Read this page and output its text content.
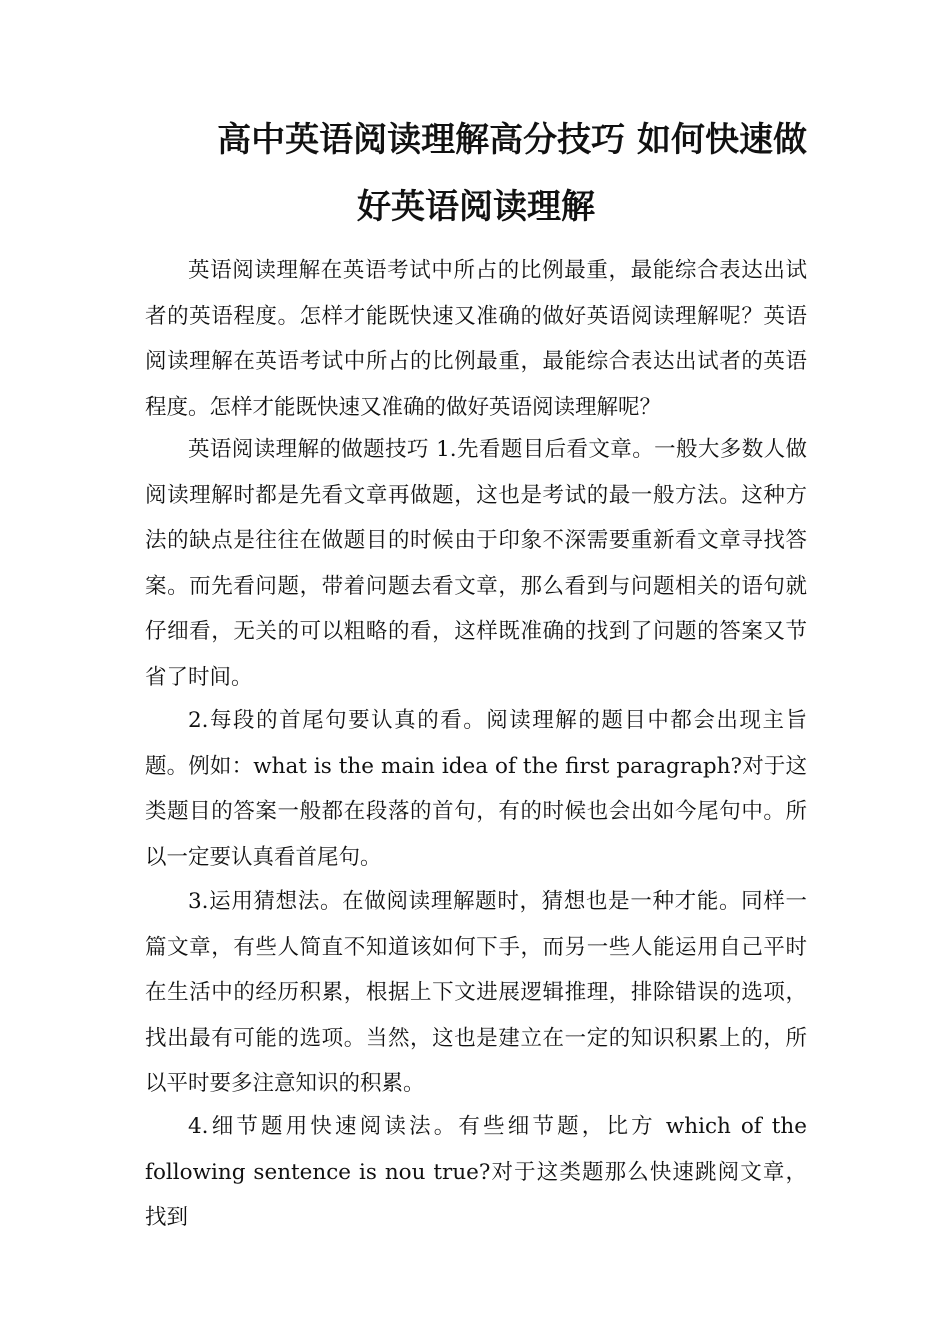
高中英语阅读理解高分技巧 如何快速做
好英语阅读理解

英语阅读理解在英语考试中所占的比例最重，最能综合表达出试者的英语程度。怎样才能既快速又准确的做好英语阅读理解呢？英语阅读理解在英语考试中所占的比例最重，最能综合表达出试者的英语程度。怎样才能既快速又准确的做好英语阅读理解呢？

英语阅读理解的做题技巧 1.先看题目后看文章。一般大多数人做阅读理解时都是先看文章再做题，这也是考试的最一般方法。这种方法的缺点是往往在做题目的时候由于印象不深需要重新看文章寻找答案。而先看问题，带着问题去看文章，那么看到与问题相关的语句就仔细看，无关的可以粗略的看，这样既准确的找到了问题的答案又节省了时间。

2.每段的首尾句要认真的看。阅读理解的题目中都会出现主旨题。例如：what is the main idea of the first paragraph?对于这类题目的答案一般都在段落的首句，有的时候也会出如今尾句中。所以一定要认真看首尾句。

3.运用猜想法。在做阅读理解题时，猜想也是一种才能。同样一篇文章，有些人简直不知道该如何下手，而另一些人能运用自己平时在生活中的经历积累，根据上下文进展逻辑推理，排除错误的选项，找出最有可能的选项。当然，这也是建立在一定的知识积累上的，所以平时要多注意知识的积累。

4.细节题用快速阅读法。有些细节题，比方 which of the following sentence is nou true?对于这类题那么快速跳阅文章，找到
